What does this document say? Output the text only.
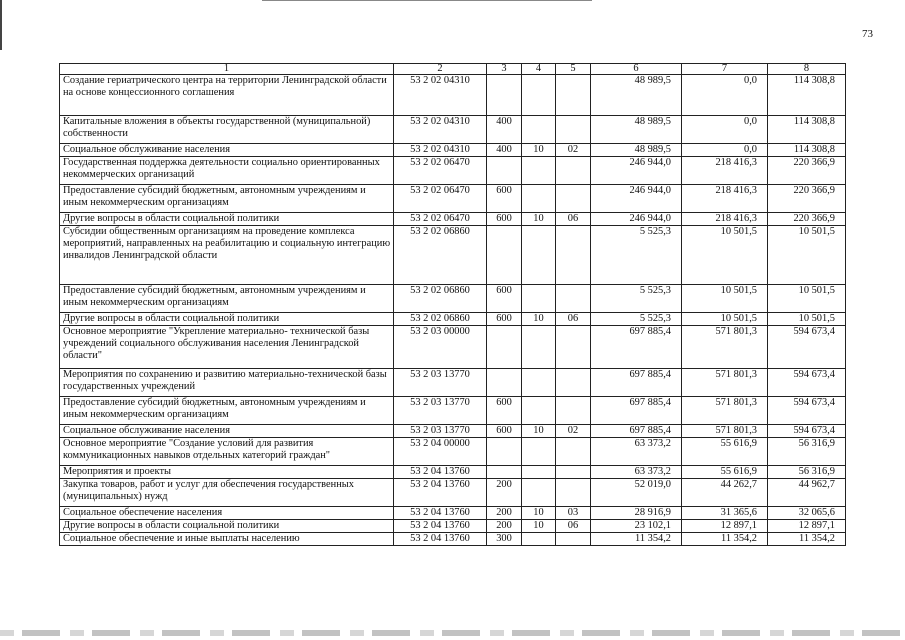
73
1	2	3	4	5	6	7	8
Создание гериатрического центра на территории Ленинградской области на основе концессионного соглашения	53 2 02 04310				48 989,5	0,0	114 308,8
Капитальные вложения в объекты государственной (муниципальной) собственности	53 2 02 04310	400			48 989,5	0,0	114 308,8
Социальное обслуживание населения	53 2 02 04310	400	10	02	48 989,5	0,0	114 308,8
Государственная поддержка деятельности социально ориентированных некоммерческих организаций	53 2 02 06470				246 944,0	218 416,3	220 366,9
Предоставление субсидий бюджетным, автономным учреждениям и иным некоммерческим организациям	53 2 02 06470	600			246 944,0	218 416,3	220 366,9
Другие вопросы в области социальной политики	53 2 02 06470	600	10	06	246 944,0	218 416,3	220 366,9
Субсидии общественным организациям на проведение комплекса мероприятий, направленных на реабилитацию и социальную интеграцию инвалидов Ленинградской области	53 2 02 06860				5 525,3	10 501,5	10 501,5
Предоставление субсидий бюджетным, автономным учреждениям и иным некоммерческим организациям	53 2 02 06860	600			5 525,3	10 501,5	10 501,5
Другие вопросы в области социальной политики	53 2 02 06860	600	10	06	5 525,3	10 501,5	10 501,5
Основное мероприятие "Укрепление материально- технической базы учреждений социального обслуживания населения Ленинградской области"	53 2 03 00000				697 885,4	571 801,3	594 673,4
Мероприятия по сохранению и развитию материально-технической базы государственных учреждений	53 2 03 13770				697 885,4	571 801,3	594 673,4
Предоставление субсидий бюджетным, автономным учреждениям и иным некоммерческим организациям	53 2 03 13770	600			697 885,4	571 801,3	594 673,4
Социальное обслуживание населения	53 2 03 13770	600	10	02	697 885,4	571 801,3	594 673,4
Основное мероприятие "Создание условий для развития коммуникационных навыков отдельных категорий граждан"	53 2 04 00000				63 373,2	55 616,9	56 316,9
Мероприятия и проекты	53 2 04 13760				63 373,2	55 616,9	56 316,9
Закупка товаров, работ и услуг для обеспечения государственных (муниципальных) нужд	53 2 04 13760	200			52 019,0	44 262,7	44 962,7
Социальное обеспечение населения	53 2 04 13760	200	10	03	28 916,9	31 365,6	32 065,6
Другие вопросы в области социальной политики	53 2 04 13760	200	10	06	23 102,1	12 897,1	12 897,1
Социальное обеспечение и иные выплаты населению	53 2 04 13760	300			11 354,2	11 354,2	11 354,2
